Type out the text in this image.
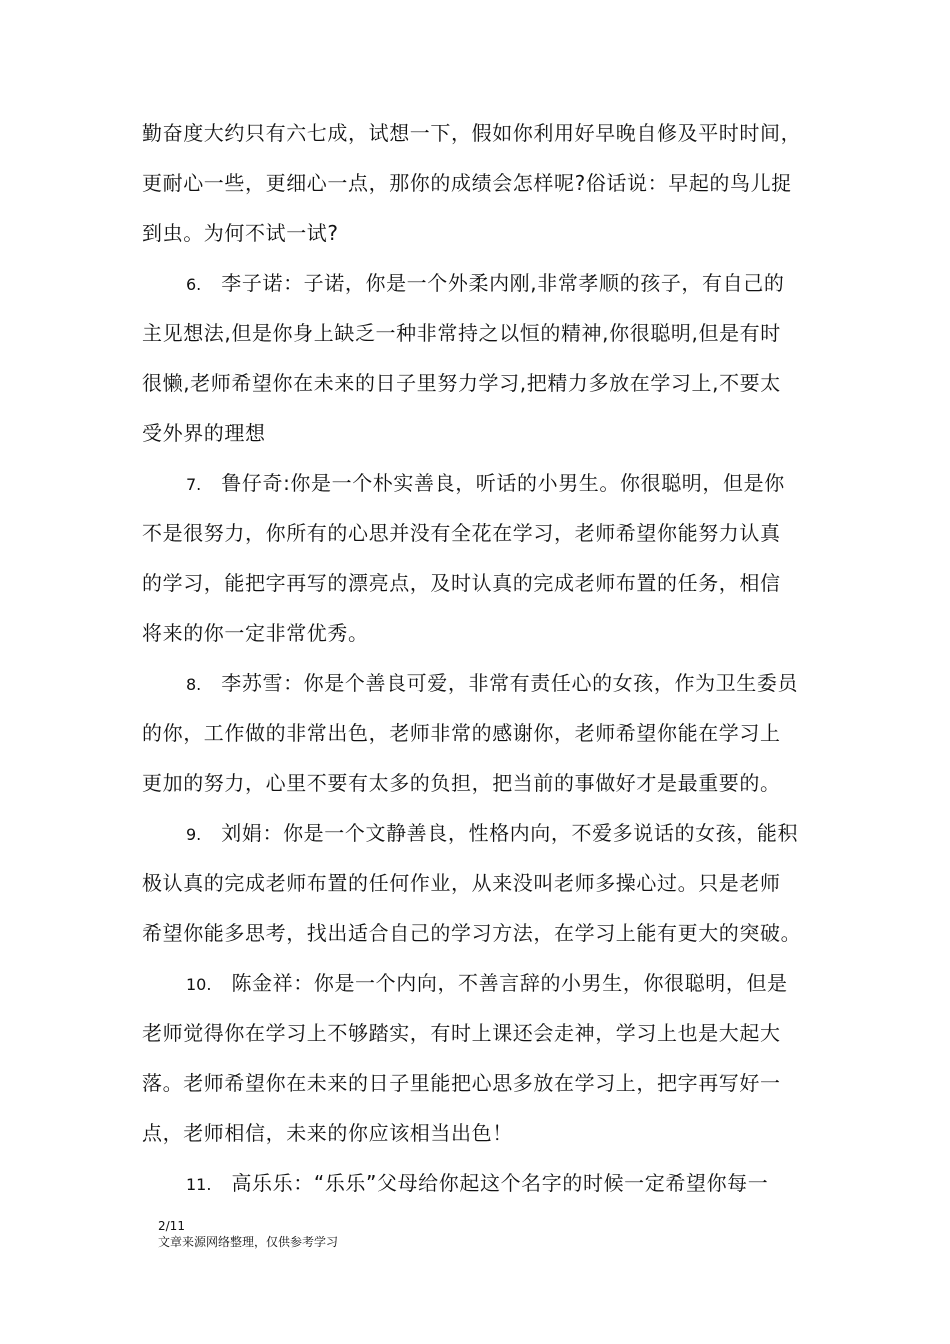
勤奋度大约只有六七成，试想一下，假如你利用好早晚自修及平时时间，
更耐心一些，更细心一点，那你的成绩会怎样呢?俗话说：早起的鸟儿捉
到虫。为何不试一试?
6. 李子诺：子诺，你是一个外柔内刚,非常孝顺的孩子，有自己的
主见想法,但是你身上缺乏一种非常持之以恒的精神,你很聪明,但是有时
很懒,老师希望你在未来的日子里努力学习,把精力多放在学习上,不要太
受外界的理想
7. 鲁仔奇:你是一个朴实善良，听话的小男生。你很聪明，但是你
不是很努力，你所有的心思并没有全花在学习，老师希望你能努力认真
的学习，能把字再写的漂亮点，及时认真的完成老师布置的任务，相信
将来的你一定非常优秀。
8. 李苏雪：你是个善良可爱，非常有责任心的女孩，作为卫生委员
的你，工作做的非常出色，老师非常的感谢你，老师希望你能在学习上
更加的努力，心里不要有太多的负担，把当前的事做好才是最重要的。
9. 刘娟：你是一个文静善良，性格内向，不爱多说话的女孩，能积
极认真的完成老师布置的任何作业，从来没叫老师多操心过。只是老师
希望你能多思考，找出适合自己的学习方法，在学习上能有更大的突破。
10. 陈金祥：你是一个内向，不善言辞的小男生，你很聪明，但是
老师觉得你在学习上不够踏实，有时上课还会走神，学习上也是大起大
落。老师希望你在未来的日子里能把心思多放在学习上，把字再写好一
点，老师相信，未来的你应该相当出色！
11. 高乐乐：“乐乐”父母给你起这个名字的时候一定希望你每一
2/11
文章来源网络整理，仅供参考学习
